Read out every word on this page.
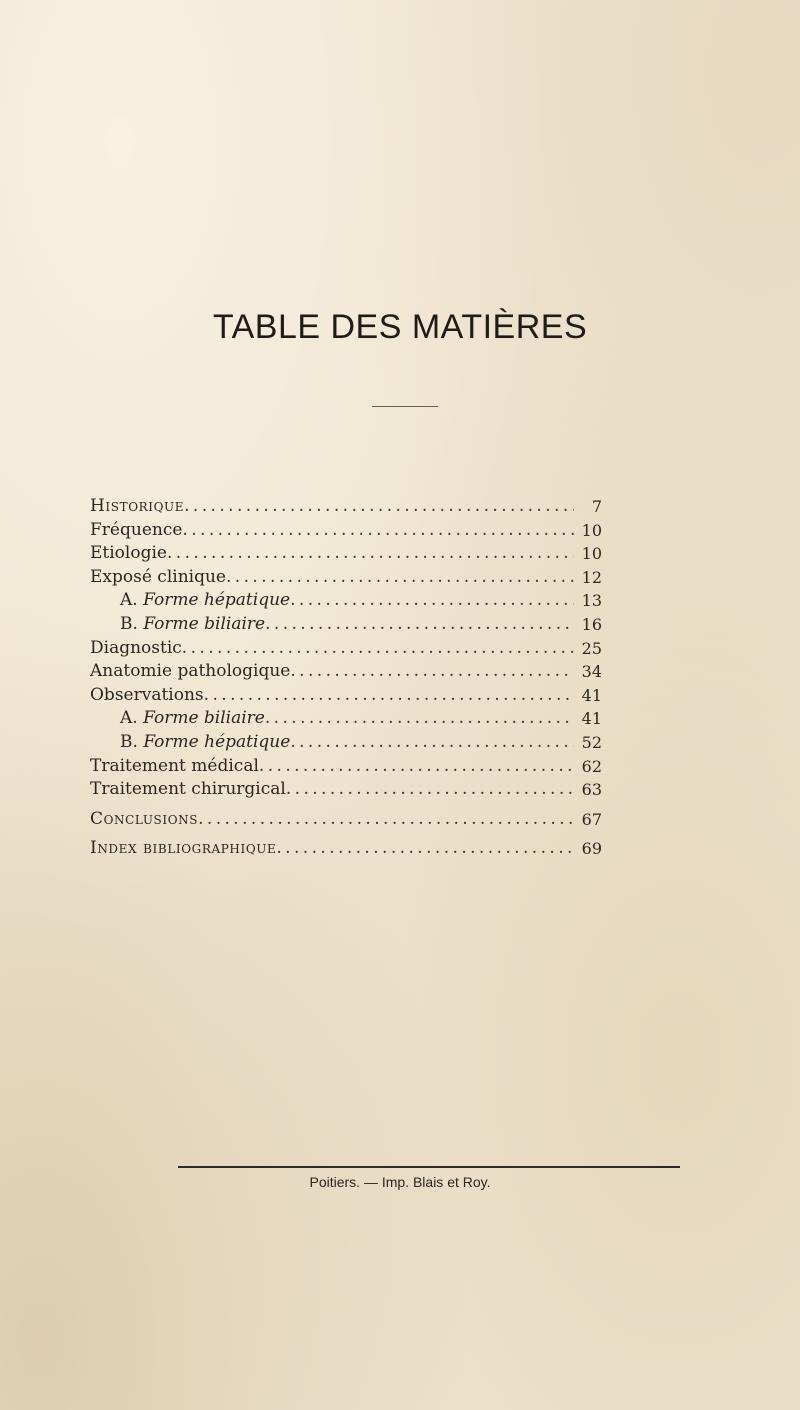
TABLE DES MATIÈRES
Historique . . .	7
Fréquence . . .	10
Etiologie . . .	10
Exposé clinique . . .	12
A. Forme hépatique . . .	13
B. Forme biliaire . . .	16
Diagnostic . . .	25
Anatomie pathologique . . .	34
Observations . . .	41
A. Forme biliaire . . .	41
B. Forme hépatique . . .	52
Traitement médical . . .	62
Traitement chirurgical . . .	63
Conclusions . . .	67
Index bibliographique . . .	69
Poitiers. — Imp. Blais et Roy.
